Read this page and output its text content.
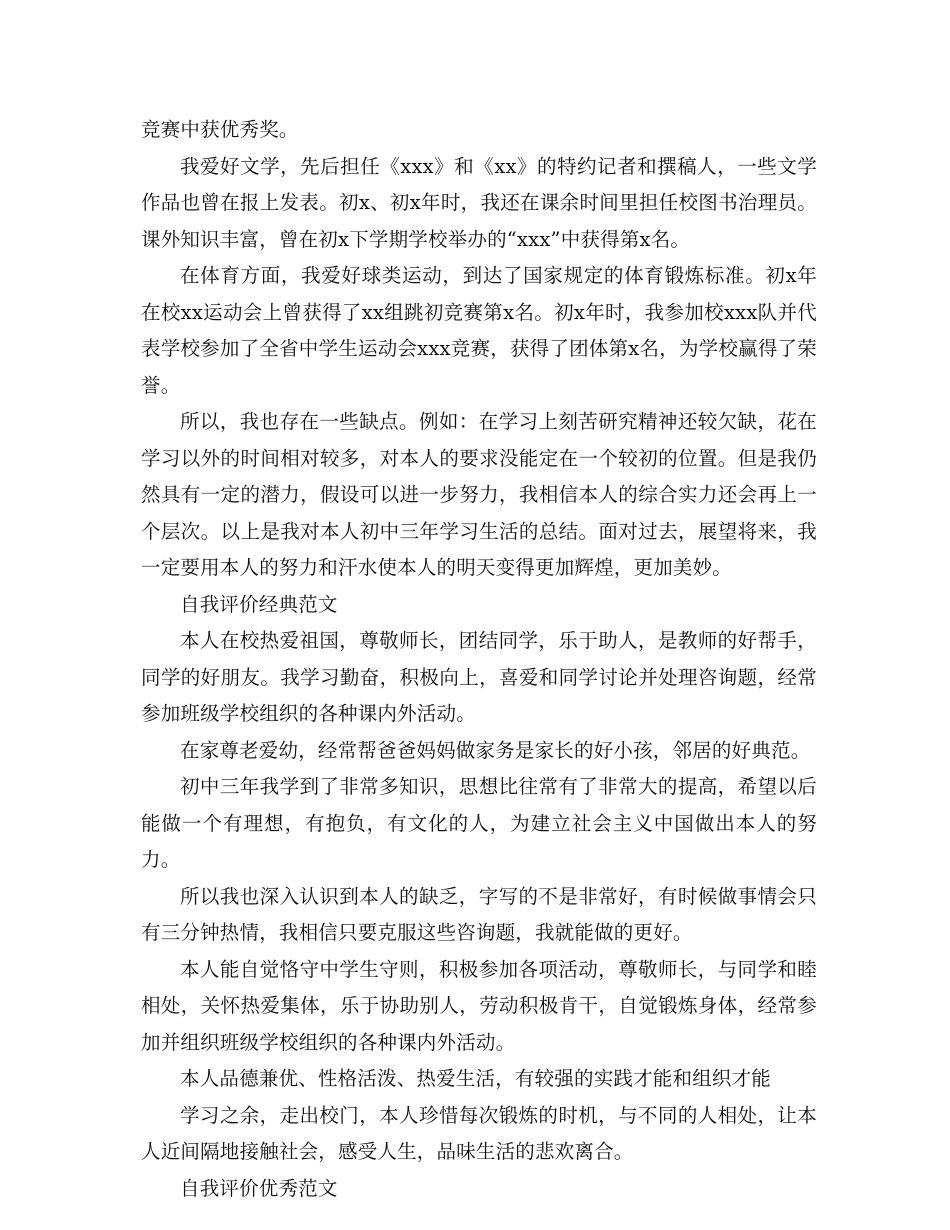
竞赛中获优秀奖。

我爱好文学，先后担任《xxx》和《xx》的特约记者和撰稿人，一些文学作品也曾在报上发表。初x、初x年时，我还在课余时间里担任校图书治理员。课外知识丰富，曾在初x下学期学校举办的“xxx”中获得第x名。

在体育方面，我爱好球类运动，到达了国家规定的体育锻炼标准。初x年在校xx运动会上曾获得了xx组跳初竞赛第x名。初x年时，我参加校xxx队并代表学校参加了全省中学生运动会xxx竞赛，获得了团体第x名，为学校赢得了荣誉。

所以，我也存在一些缺点。例如：在学习上刻苦研究精神还较欠缺，花在学习以外的时间相对较多，对本人的要求没能定在一个较初的位置。但是我仍然具有一定的潜力，假设可以进一步努力，我相信本人的综合实力还会再上一个层次。以上是我对本人初中三年学习生活的总结。面对过去，展望将来，我一定要用本人的努力和汗水使本人的明天变得更加辉煌，更加美妙。

自我评价经典范文

本人在校热爱祖国，尊敬师长，团结同学，乐于助人，是教师的好帮手，同学的好朋友。我学习勤奋，积极向上，喜爱和同学讨论并处理咨询题，经常参加班级学校组织的各种课内外活动。

在家尊老爱幼，经常帮爸爸妈妈做家务是家长的好小孩，邻居的好典范。

初中三年我学到了非常多知识，思想比往常有了非常大的提高，希望以后能做一个有理想，有抱负，有文化的人，为建立社会主义中国做出本人的努力。

所以我也深入认识到本人的缺乏，字写的不是非常好，有时候做事情会只有三分钟热情，我相信只要克服这些咨询题，我就能做的更好。

本人能自觉恪守中学生守则，积极参加各项活动，尊敬师长，与同学和睦相处，关怀热爱集体，乐于协助别人，劳动积极肯干，自觉锻炼身体，经常参加并组织班级学校组织的各种课内外活动。

本人品德兼优、性格活泼、热爱生活，有较强的实践才能和组织才能

学习之余，走出校门，本人珍惜每次锻炼的时机，与不同的人相处，让本人近间隔地接触社会，感受人生，品味生活的悲欢离合。

自我评价优秀范文
